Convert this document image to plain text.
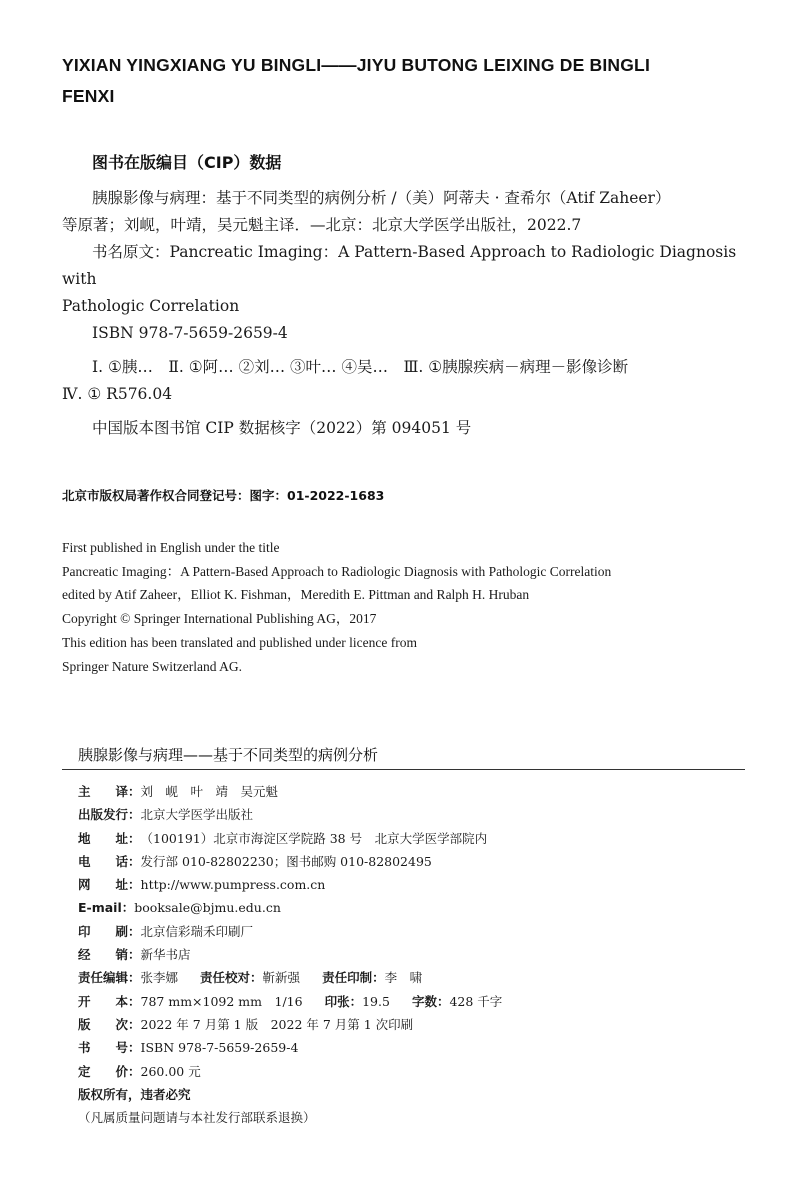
YIXIAN YINGXIANG YU BINGLI——JIYU BUTONG LEIXING DE BINGLI
FENXI
图书在版编目（CIP）数据

胰腺影像与病理：基于不同类型的病例分析 /（美）阿蒂夫 · 查希尔（Atif Zaheer）

等原著；刘岘，叶靖，吴元魁主译．—北京：北京大学医学出版社，2022.7

书名原文：Pancreatic Imaging：A Pattern-Based Approach to Radiologic Diagnosis with

Pathologic Correlation

ISBN 978-7-5659-2659-4

Ⅰ. ①胰…　Ⅱ. ①阿… ②刘… ③叶… ④吴…　Ⅲ. ①胰腺疾病－病理－影像诊断

Ⅳ. ① R576.04

中国版本图书馆 CIP 数据核字（2022）第 094051 号

北京市版权局著作权合同登记号：图字：01-2022-1683
First published in English under the title
Pancreatic Imaging：A Pattern-Based Approach to Radiologic Diagnosis with Pathologic Correlation
edited by Atif Zaheer，Elliot K. Fishman，Meredith E. Pittman and Ralph H. Hruban
Copyright © Springer International Publishing AG，2017
This edition has been translated and published under licence from
Springer Nature Switzerland AG.
胰腺影像与病理——基于不同类型的病例分析
主　　译： 刘　岘　叶　靖　吴元魁
出版发行： 北京大学医学出版社
地　　址： （100191）北京市海淀区学院路 38 号　北京大学医学部院内
电　　话： 发行部 010-82802230；图书邮购 010-82802495
网　　址： http://www.pumpress.com.cn
E-mail： booksale@bjmu.edu.cn
印　　刷： 北京信彩瑞禾印刷厂
经　　销： 新华书店
责任编辑： 张李娜 责任校对： 靳新强 责任印制： 李　啸
开　　本： 787 mm×1092 mm　1/16 印张： 19.5 字数： 428 千字
版　　次： 2022 年 7 月第 1 版　2022 年 7 月第 1 次印刷
书　　号： ISBN 978-7-5659-2659-4
定　　价： 260.00 元
版权所有，违者必究
（凡属质量问题请与本社发行部联系退换）
